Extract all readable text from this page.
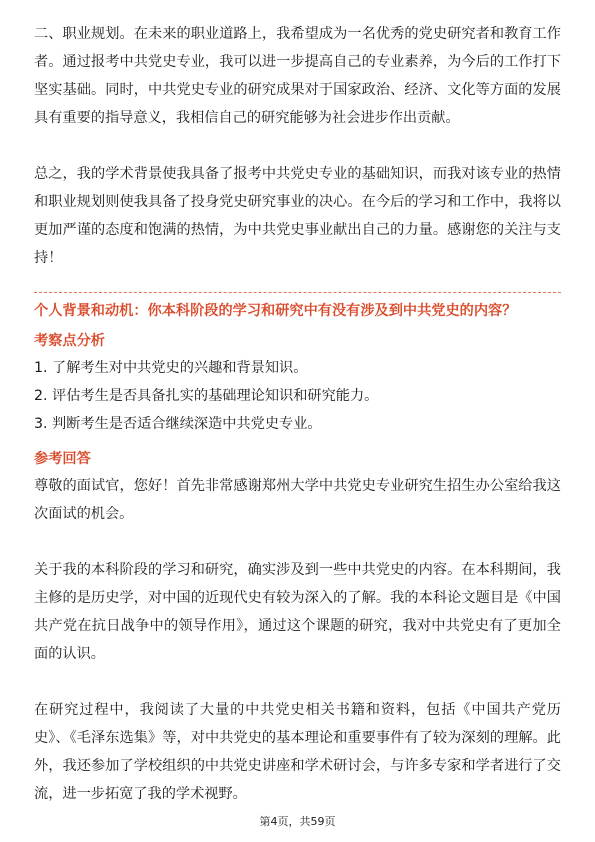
二、职业规划。在未来的职业道路上，我希望成为一名优秀的党史研究者和教育工作者。通过报考中共党史专业，我可以进一步提高自己的专业素养，为今后的工作打下坚实基础。同时，中共党史专业的研究成果对于国家政治、经济、文化等方面的发展具有重要的指导意义，我相信自己的研究能够为社会进步作出贡献。

总之，我的学术背景使我具备了报考中共党史专业的基础知识，而我对该专业的热情和职业规划则使我具备了投身党史研究事业的决心。在今后的学习和工作中，我将以更加严谨的态度和饱满的热情，为中共党史事业献出自己的力量。感谢您的关注与支持！

个人背景和动机：你本科阶段的学习和研究中有没有涉及到中共党史的内容？

考察点分析

1. 了解考生对中共党史的兴趣和背景知识。

2. 评估考生是否具备扎实的基础理论知识和研究能力。

3. 判断考生是否适合继续深造中共党史专业。

参考回答

尊敬的面试官，您好！首先非常感谢郑州大学中共党史专业研究生招生办公室给我这次面试的机会。

关于我的本科阶段的学习和研究，确实涉及到一些中共党史的内容。在本科期间，我主修的是历史学，对中国的近现代史有较为深入的了解。我的本科论文题目是《中国共产党在抗日战争中的领导作用》，通过这个课题的研究，我对中共党史有了更加全面的认识。

在研究过程中，我阅读了大量的中共党史相关书籍和资料，包括《中国共产党历史》、《毛泽东选集》等，对中共党史的基本理论和重要事件有了较为深刻的理解。此外，我还参加了学校组织的中共党史讲座和学术研讨会，与许多专家和学者进行了交流，进一步拓宽了我的学术视野。

第4页，共59页
